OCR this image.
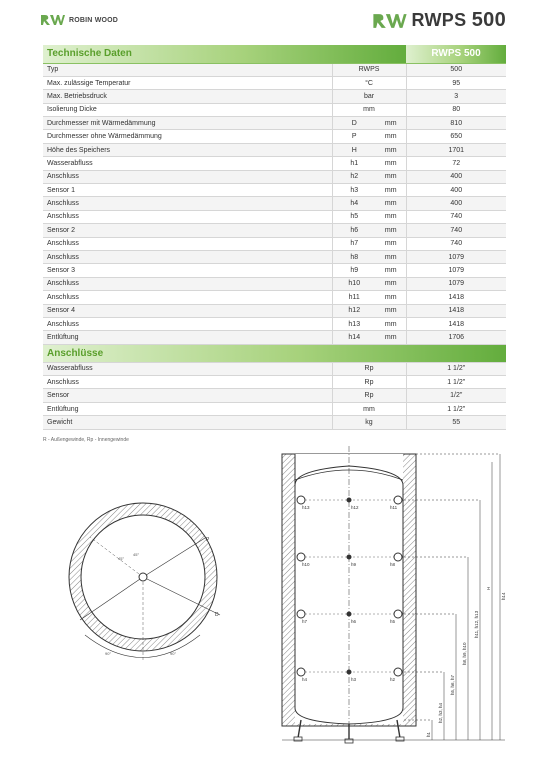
ROBIN WOOD	RWPS 500
Technische Daten			RWPS 500
Typ	RWPS		500
Max. zulässige Temperatur	°C		95
Max. Betriebsdruck	bar		3
Isolierung Dicke	mm		80
Durchmesser mit Wärmedämmung	D	mm	810
Durchmesser ohne Wärmedämmung	P	mm	650
Höhe des Speichers	H	mm	1701
Wasserabfluss	h1	mm	72
Anschluss	h2	mm	400
Sensor 1	h3	mm	400
Anschluss	h4	mm	400
Anschluss	h5	mm	740
Sensor 2	h6	mm	740
Anschluss	h7	mm	740
Anschluss	h8	mm	1079
Sensor 3	h9	mm	1079
Anschluss	h10	mm	1079
Anschluss	h11	mm	1418
Sensor 4	h12	mm	1418
Anschluss	h13	mm	1418
Entlüftung	h14	mm	1706
Anschlüsse			
Wasserabfluss	Rp		1 1/2"
Anschluss	Rp		1 1/2"
Sensor	Rp		1/2"
Entlüftung	mm		1 1/2"
Gewicht	kg		55
R - Außengewinde, Rp - Innengewinde
P
D
45°
45°
90°	90°
h13	h12	h11
h10	h9	h8
h7	h6	h5
h4	h3	h2
h1
h2, h3, h4
h5, h6, h7
h8, h9, h10
h11, h12, h13
H
h14
